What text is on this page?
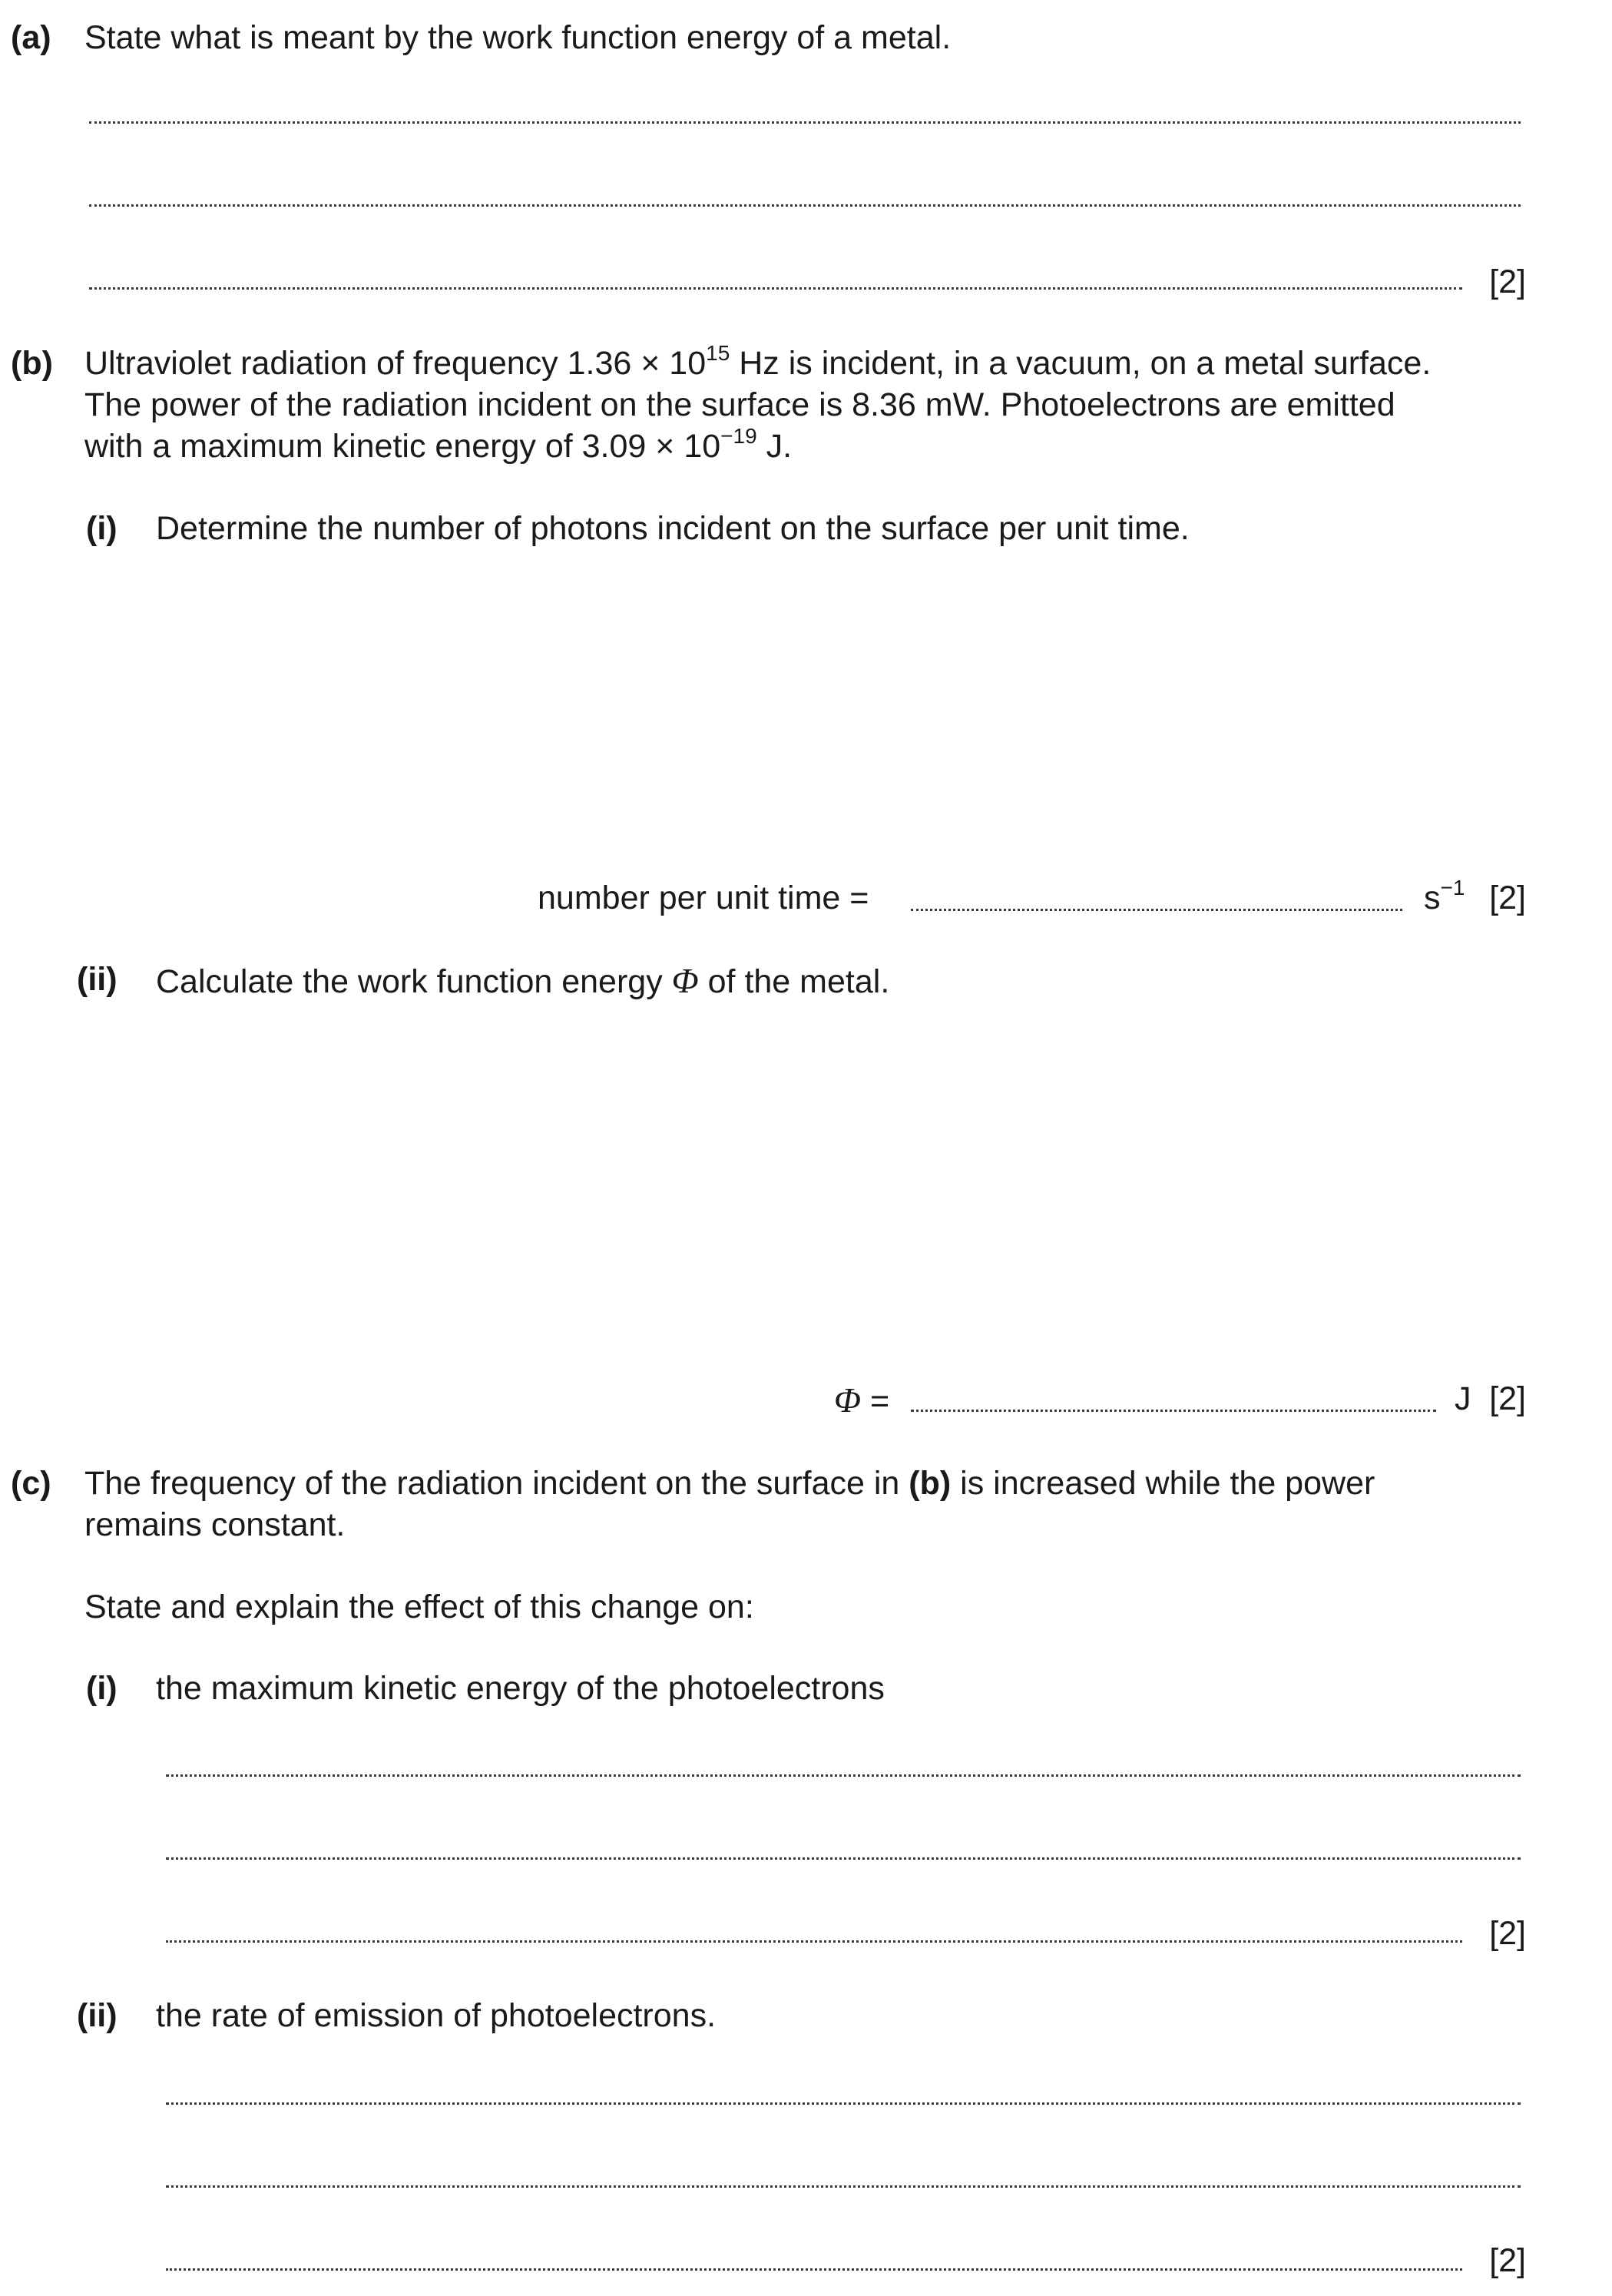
(a) State what is meant by the work function energy of a metal.
[2]
(b) Ultraviolet radiation of frequency $1.36 \times 10^{15}$ Hz is incident, in a vacuum, on a metal surface.
The power of the radiation incident on the surface is 8.36 mW. Photoelectrons are emitted
with a maximum kinetic energy of $3.09 \times 10^{-19}$ J.
(i) Determine the number of photons incident on the surface per unit time.
number per unit time =	$s^{-1}$ [2]
(ii) Calculate the work function energy Φ of the metal.
Φ =	J [2]
(c) The frequency of the radiation incident on the surface in (b) is increased while the power
remains constant.
State and explain the effect of this change on:
(i) the maximum kinetic energy of the photoelectrons
[2]
(ii) the rate of emission of photoelectrons.
[2]
